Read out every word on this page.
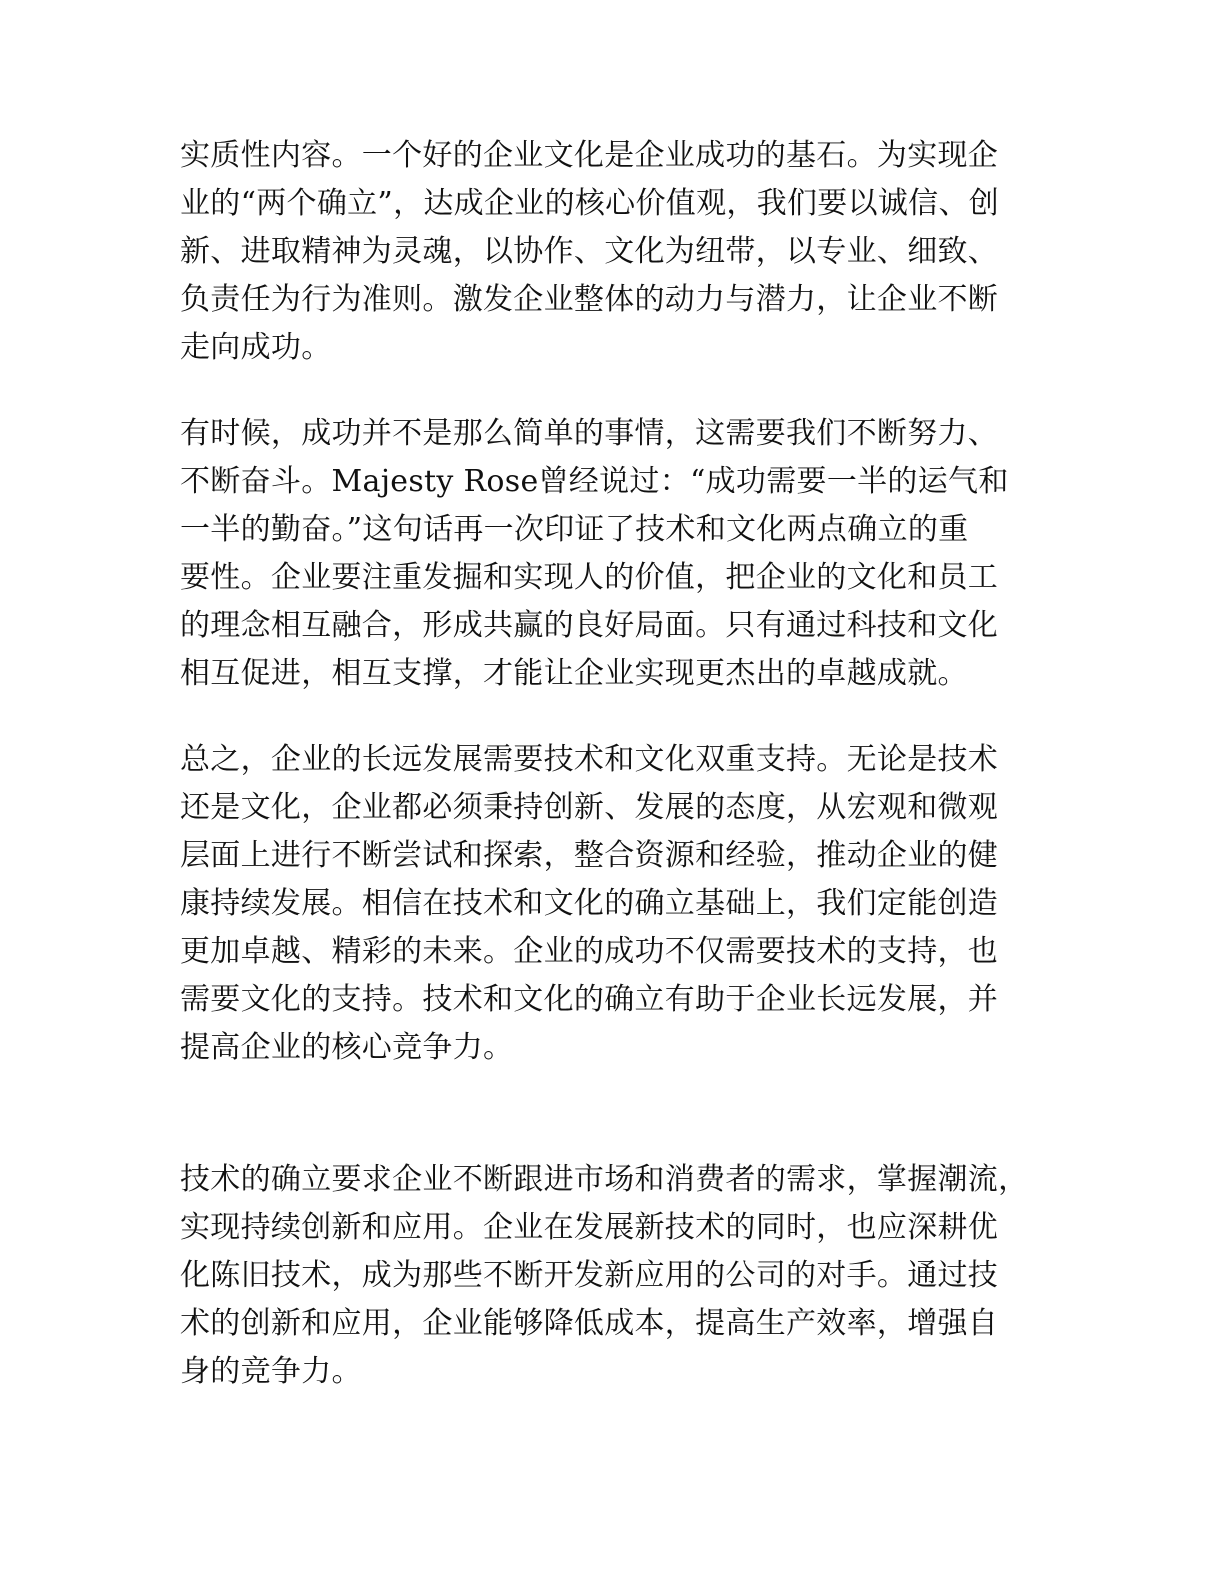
实质性内容。一个好的企业文化是企业成功的基石。为实现企
业的“两个确立”，达成企业的核心价值观，我们要以诚信、创
新、进取精神为灵魂，以协作、文化为纽带，以专业、细致、
负责任为行为准则。激发企业整体的动力与潜力，让企业不断
走向成功。
有时候，成功并不是那么简单的事情，这需要我们不断努力、
不断奋斗。Majesty Rose曾经说过：“成功需要一半的运气和
一半的勤奋。”这句话再一次印证了技术和文化两点确立的重
要性。企业要注重发掘和实现人的价值，把企业的文化和员工
的理念相互融合，形成共赢的良好局面。只有通过科技和文化
相互促进，相互支撑，才能让企业实现更杰出的卓越成就。
总之，企业的长远发展需要技术和文化双重支持。无论是技术
还是文化，企业都必须秉持创新、发展的态度，从宏观和微观
层面上进行不断尝试和探索，整合资源和经验，推动企业的健
康持续发展。相信在技术和文化的确立基础上，我们定能创造
更加卓越、精彩的未来。企业的成功不仅需要技术的支持，也
需要文化的支持。技术和文化的确立有助于企业长远发展，并
提高企业的核心竞争力。
技术的确立要求企业不断跟进市场和消费者的需求，掌握潮流，
实现持续创新和应用。企业在发展新技术的同时，也应深耕优
化陈旧技术，成为那些不断开发新应用的公司的对手。通过技
术的创新和应用，企业能够降低成本，提高生产效率，增强自
身的竞争力。
